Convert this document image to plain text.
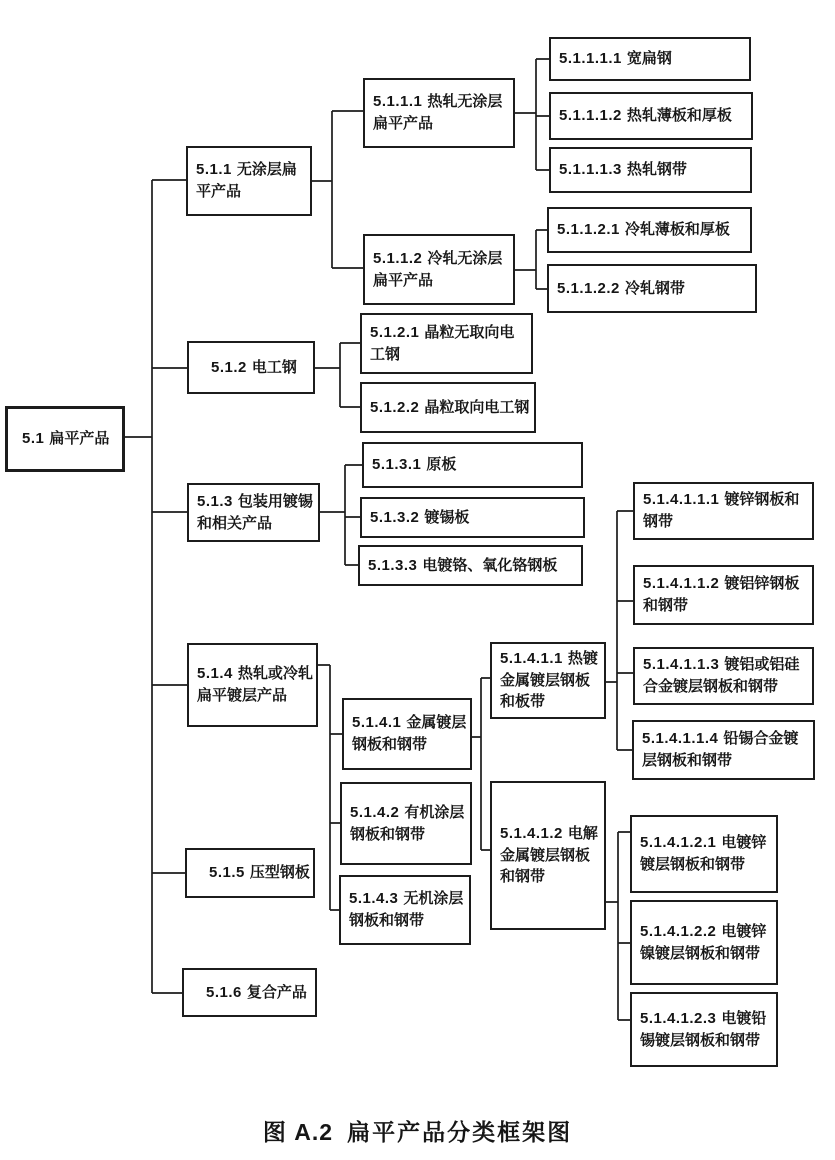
5.1 扁平产品
5.1.1 无涂层扁平产品
5.1.2 电工钢
5.1.3 包装用镀锡和相关产品
5.1.4 热轧或冷轧扁平镀层产品
5.1.5 压型钢板
5.1.6 复合产品
5.1.1.1 热轧无涂层扁平产品
5.1.1.2 冷轧无涂层扁平产品
5.1.1.1.1 宽扁钢
5.1.1.1.2 热轧薄板和厚板
5.1.1.1.3 热轧钢带
5.1.1.2.1 冷轧薄板和厚板
5.1.1.2.2 冷轧钢带
5.1.2.1 晶粒无取向电工钢
5.1.2.2 晶粒取向电工钢
5.1.3.1 原板
5.1.3.2 镀锡板
5.1.3.3 电镀铬、氧化铬钢板
5.1.4.1 金属镀层钢板和钢带
5.1.4.2 有机涂层钢板和钢带
5.1.4.3 无机涂层钢板和钢带
5.1.4.1.1 热镀金属镀层钢板和板带
5.1.4.1.2 电解金属镀层钢板和钢带
5.1.4.1.1.1 镀锌钢板和钢带
5.1.4.1.1.2 镀铝锌钢板和钢带
5.1.4.1.1.3 镀铝或铝硅合金镀层钢板和钢带
5.1.4.1.1.4 铅锡合金镀层钢板和钢带
5.1.4.1.2.1 电镀锌镀层钢板和钢带
5.1.4.1.2.2 电镀锌镍镀层钢板和钢带
5.1.4.1.2.3 电镀铅锡镀层钢板和钢带
图 A.2 扁平产品分类框架图
